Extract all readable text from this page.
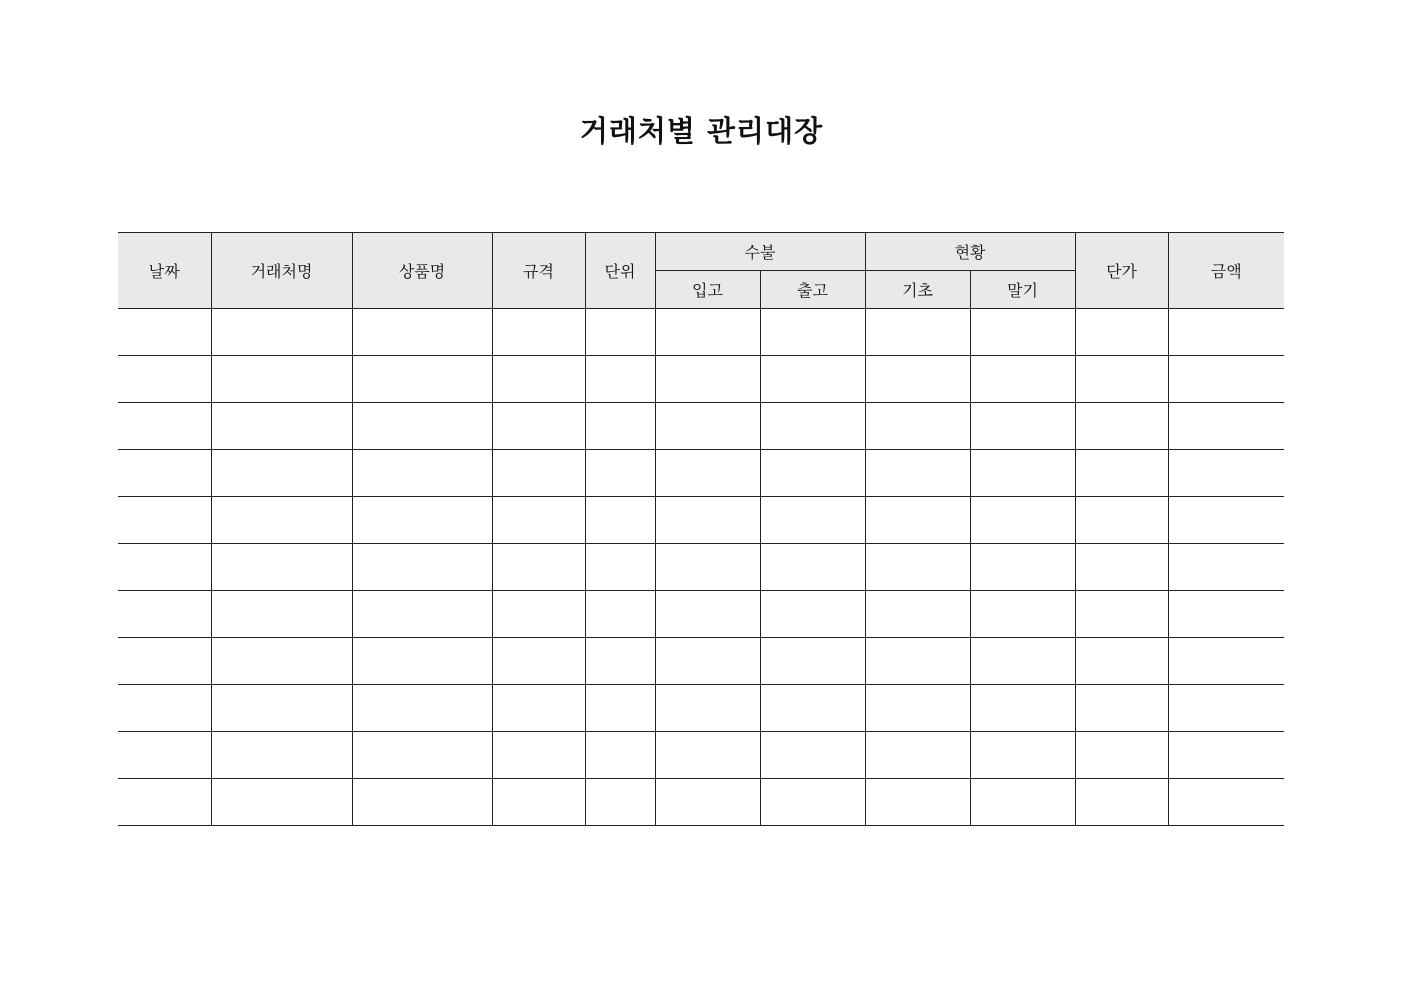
거래처별 관리대장
날짜	거래처명	상품명	규격	단위	수불		현황		단가	금액
					입고	출고	기초	말기		
